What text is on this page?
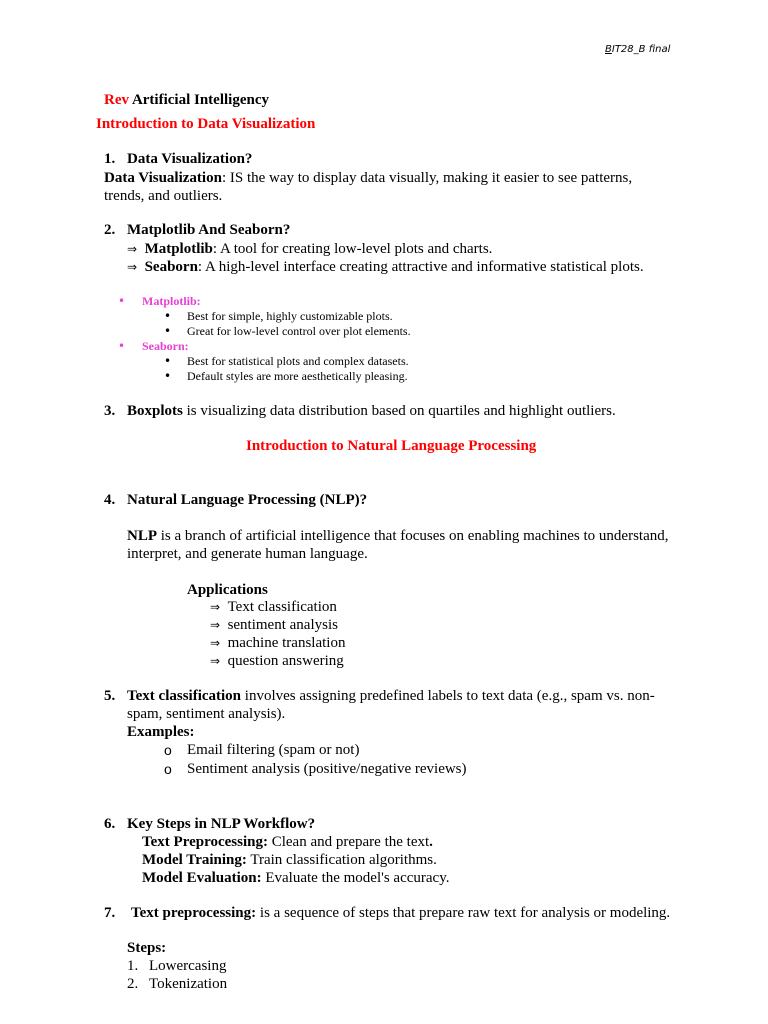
BIT28_B final
Rev Artificial Intelligency
Introduction to Data Visualization
1. Data Visualization?
Data Visualization: IS the way to display data visually, making it easier to see patterns,
trends, and outliers.
2. Matplotlib And Seaborn?
⇒ Matplotlib: A tool for creating low-level plots and charts.
⇒ Seaborn: A high-level interface creating attractive and informative statistical plots.
• Matplotlib:
• Best for simple, highly customizable plots.
• Great for low-level control over plot elements.
• Seaborn:
• Best for statistical plots and complex datasets.
• Default styles are more aesthetically pleasing.
3. Boxplots is visualizing data distribution based on quartiles and highlight outliers.
Introduction to Natural Language Processing
4. Natural Language Processing (NLP)?
NLP is a branch of artificial intelligence that focuses on enabling machines to understand,
interpret, and generate human language.
Applications
⇒ Text classification
⇒ sentiment analysis
⇒ machine translation
⇒ question answering
5. Text classification involves assigning predefined labels to text data (e.g., spam vs. non-
spam, sentiment analysis).
Examples:
o Email filtering (spam or not)
o Sentiment analysis (positive/negative reviews)
6. Key Steps in NLP Workflow?
Text Preprocessing: Clean and prepare the text.
Model Training: Train classification algorithms.
Model Evaluation: Evaluate the model's accuracy.
7. Text preprocessing: is a sequence of steps that prepare raw text for analysis or modeling.
Steps:
1. Lowercasing
2. Tokenization
